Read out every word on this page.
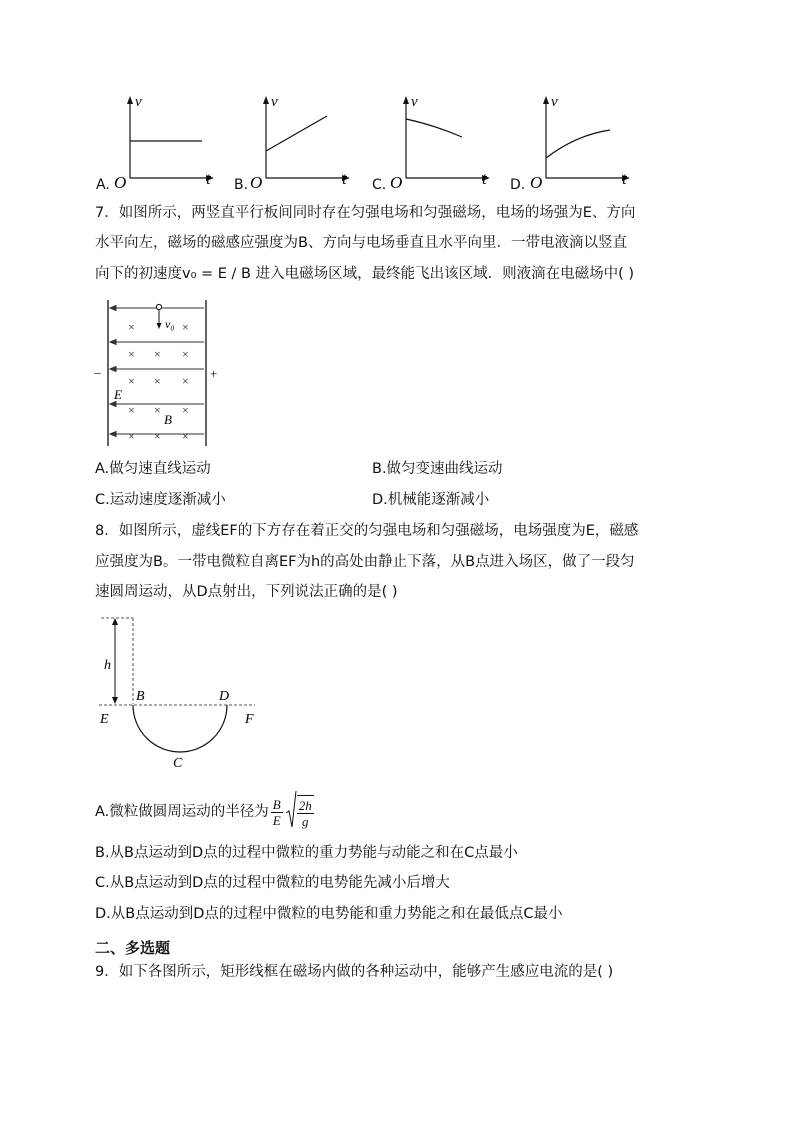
A.
v
t
O	B.
v
t
O	C.
v
t
O	D.
v
t
O
7．如图所示，两竖直平行板间同时存在匀强电场和匀强磁场，电场的场强为E、方向
水平向左，磁场的磁感应强度为B、方向与电场垂直且水平向里．一带电液滴以竖直
向下的初速度v₀ = E / B 进入电磁场区域，最终能飞出该区域．则液滴在电磁场中( )
×	×
× × ×
× × ×
× × ×
× × ×
v₀
E
B
−	+
A.做匀速直线运动	B.做匀变速曲线运动
C.运动速度逐渐减小	D.机械能逐渐减小
8．如图所示，虚线EF的下方存在着正交的匀强电场和匀强磁场，电场强度为E，磁感
应强度为B。一带电微粒自离EF为h的高处由静止下落，从B点进入场区，做了一段匀
速圆周运动，从D点射出，下列说法正确的是( )
h
B	D
E	F
C
A.微粒做圆周运动的半径为 $\frac{B}{E} \frac{2h}{g}$
B.从B点运动到D点的过程中微粒的重力势能与动能之和在C点最小
C.从B点运动到D点的过程中微粒的电势能先减小后增大
D.从B点运动到D点的过程中微粒的电势能和重力势能之和在最低点C最小
二、多选题
9．如下各图所示，矩形线框在磁场内做的各种运动中，能够产生感应电流的是( )
